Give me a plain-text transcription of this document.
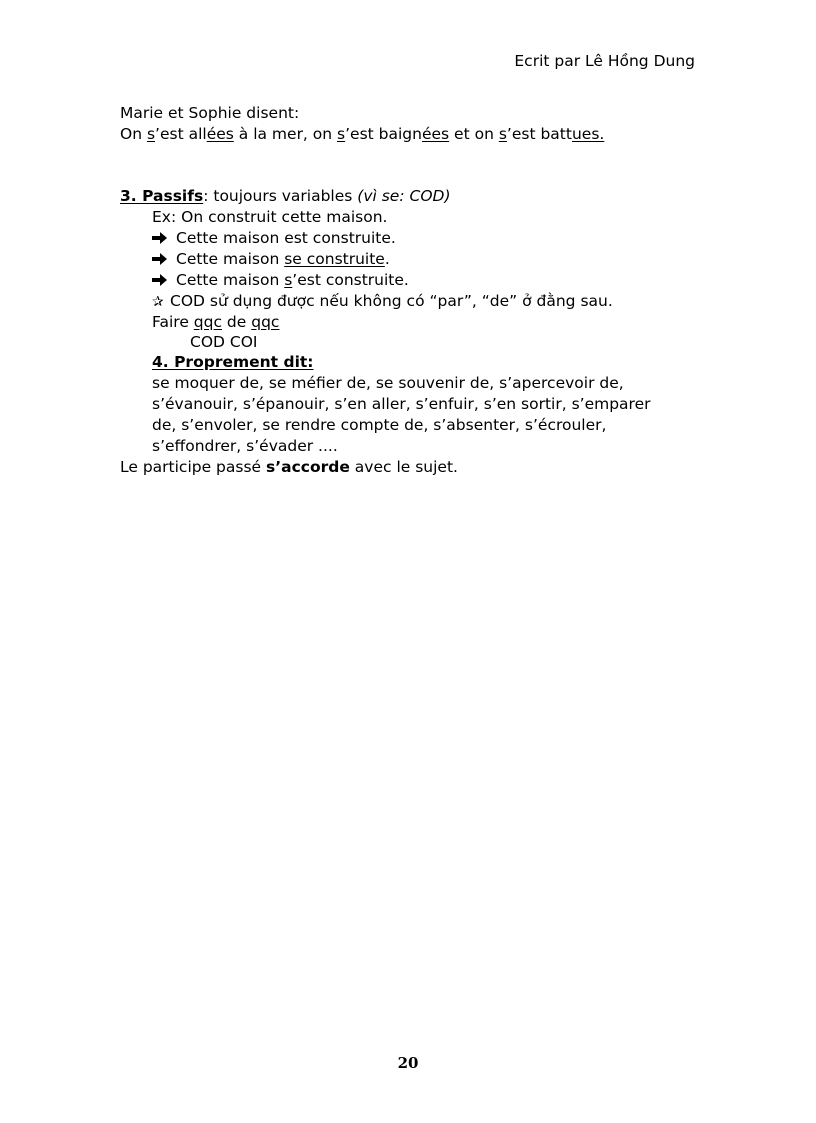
Ecrit par Lê Hồng Dung
Marie et Sophie disent:
On s’est allées à la mer, on s’est baignées et on s’est battues.
3. Passifs: toujours variables (vì se: COD)
Ex: On construit cette maison.
Cette maison est construite.
Cette maison se construite.
Cette maison s’est construite.
✰ COD sử dụng được nếu không có “par”, “de” ở đằng sau.
Faire qqc de qqc
COD COI
4. Proprement dit:
se moquer de, se méfier de, se souvenir de, s’apercevoir de,
s’évanouir, s’épanouir, s’en aller, s’enfuir, s’en sortir, s’emparer
de, s’envoler, se rendre compte de, s’absenter, s’écrouler,
s’effondrer, s’évader ....
Le participe passé s’accorde avec le sujet.
20
